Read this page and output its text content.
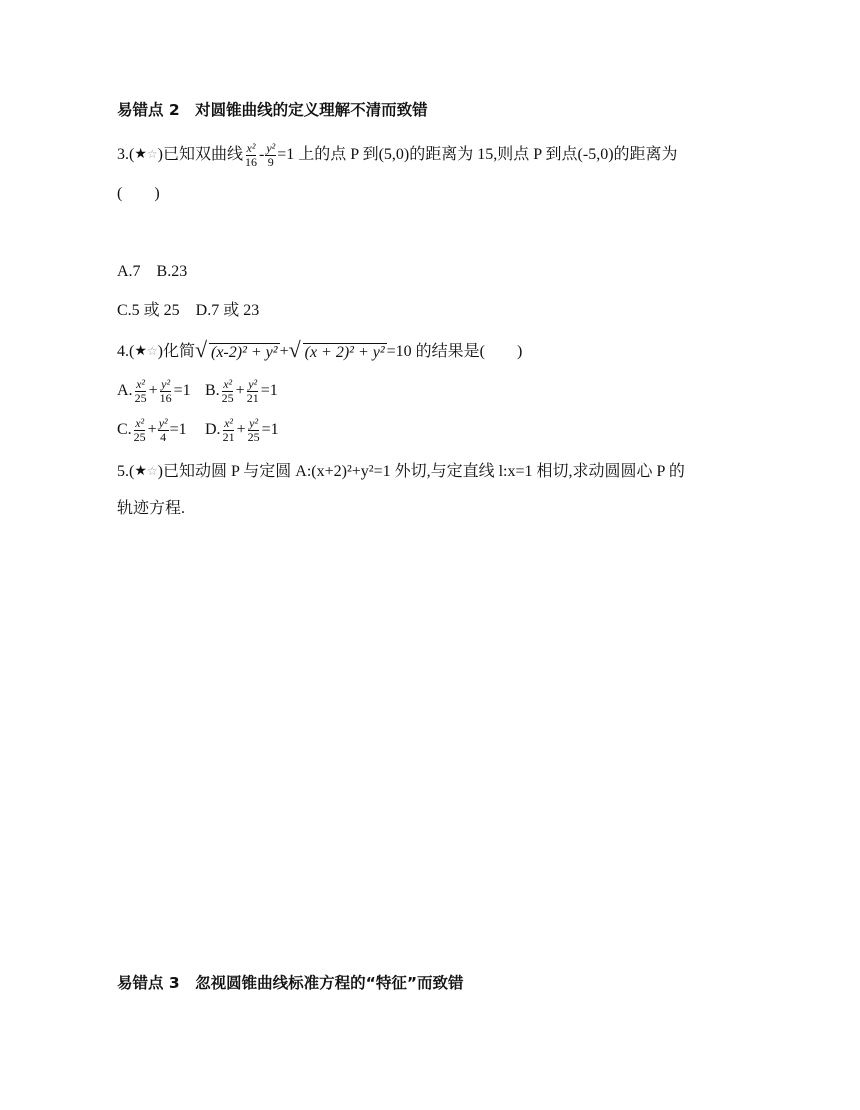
易错点 2　对圆锥曲线的定义理解不清而致错
3.( ★☆ )已知双曲线 $\frac{\text{x²}}{16} - \frac{\text{y²}}{9} =1$ 上的点 P 到(5,0)的距离为 15,则点 P 到点(-5,0)的距离为
(　　)
A.7　B.23
C.5 或 25　D.7 或 23
4.( ★☆ )化简 √ (x-2)² + y² + √ (x + 2)² + y² =10 的结果是(　　)
A. $\frac{\text{x²}}{25} + \frac{\text{y²}}{16} =1$ B. $\frac{\text{x²}}{25} + \frac{\text{y²}}{21} =1$
C. $\frac{\text{x²}}{25} + \frac{\text{y²}}{4} =1$ D. $\frac{\text{x²}}{21} + \frac{\text{y²}}{25} =1$
5.( ★☆ )已知动圆 P 与定圆 A:(x+2)²+y²=1 外切,与定直线 l:x=1 相切,求动圆圆心 P 的
轨迹方程.
易错点 3　忽视圆锥曲线标准方程的“特征”而致错
